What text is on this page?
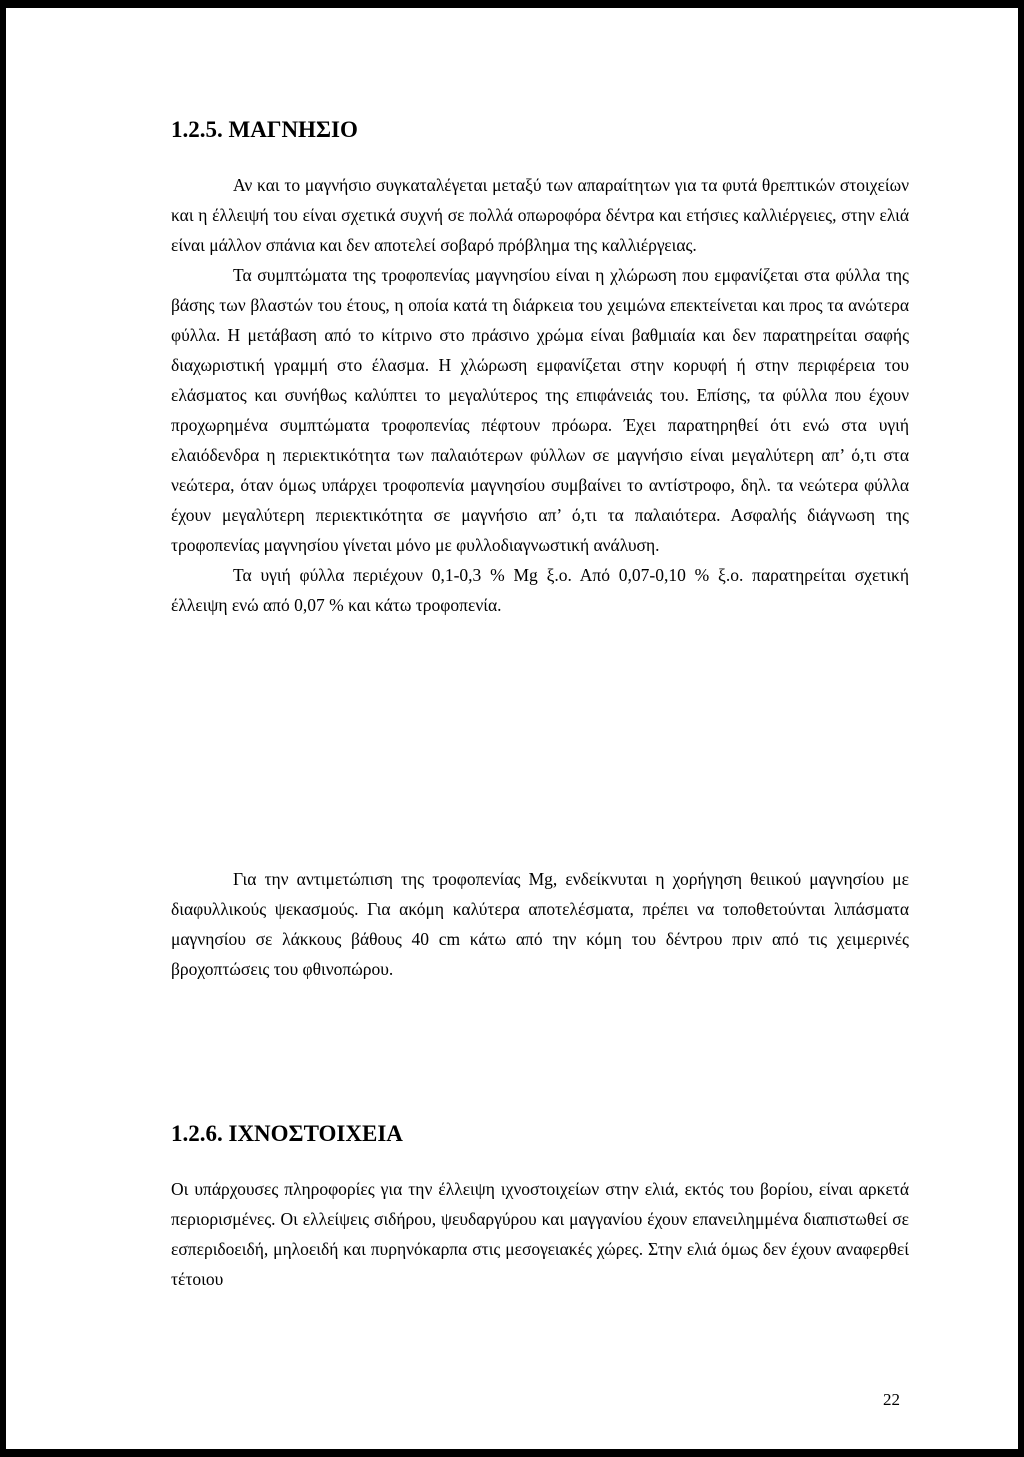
1.2.5. ΜΑΓΝΗΣΙΟ

Αν και το μαγνήσιο συγκαταλέγεται μεταξύ των απαραίτητων για τα φυτά θρεπτικών στοιχείων και η έλλειψή του είναι σχετικά συχνή σε πολλά οπωροφόρα δέντρα και ετήσιες καλλιέργειες, στην ελιά είναι μάλλον σπάνια και δεν αποτελεί σοβαρό πρόβλημα της καλλιέργειας.

Τα συμπτώματα της τροφοπενίας μαγνησίου είναι η χλώρωση που εμφανίζεται στα φύλλα της βάσης των βλαστών του έτους, η οποία κατά τη διάρκεια του χειμώνα επεκτείνεται και προς τα ανώτερα φύλλα. Η μετάβαση από το κίτρινο στο πράσινο χρώμα είναι βαθμιαία και δεν παρατηρείται σαφής διαχωριστική γραμμή στο έλασμα. Η χλώρωση εμφανίζεται στην κορυφή ή στην περιφέρεια του ελάσματος και συνήθως καλύπτει το μεγαλύτερος της επιφάνειάς του. Επίσης, τα φύλλα που έχουν προχωρημένα συμπτώματα τροφοπενίας πέφτουν πρόωρα. Έχει παρατηρηθεί ότι ενώ στα υγιή ελαιόδενδρα η περιεκτικότητα των παλαιότερων φύλλων σε μαγνήσιο είναι μεγαλύτερη απ’ ό,τι στα νεώτερα, όταν όμως υπάρχει τροφοπενία μαγνησίου συμβαίνει το αντίστροφο, δηλ. τα νεώτερα φύλλα έχουν μεγαλύτερη περιεκτικότητα σε μαγνήσιο απ’ ό,τι τα παλαιότερα. Ασφαλής διάγνωση της τροφοπενίας μαγνησίου γίνεται μόνο με φυλλοδιαγνωστική ανάλυση.

Τα υγιή φύλλα περιέχουν 0,1-0,3 % Mg ξ.ο. Από 0,07-0,10 % ξ.ο. παρατηρείται σχετική έλλειψη ενώ από 0,07 % και κάτω τροφοπενία.

Για την αντιμετώπιση της τροφοπενίας Mg, ενδείκνυται η χορήγηση θειικού μαγνησίου με διαφυλλικούς ψεκασμούς. Για ακόμη καλύτερα αποτελέσματα, πρέπει να τοποθετούνται λιπάσματα μαγνησίου σε λάκκους βάθους 40 cm κάτω από την κόμη του δέντρου πριν από τις χειμερινές βροχοπτώσεις του φθινοπώρου.

1.2.6. ΙΧΝΟΣΤΟΙΧΕΙΑ

Οι υπάρχουσες πληροφορίες για την έλλειψη ιχνοστοιχείων στην ελιά, εκτός του βορίου, είναι αρκετά περιορισμένες. Οι ελλείψεις σιδήρου, ψευδαργύρου και μαγγανίου έχουν επανειλημμένα διαπιστωθεί σε εσπεριδοειδή, μηλοειδή και πυρηνόκαρπα στις μεσογειακές χώρες. Στην ελιά όμως δεν έχουν αναφερθεί τέτοιου

22
